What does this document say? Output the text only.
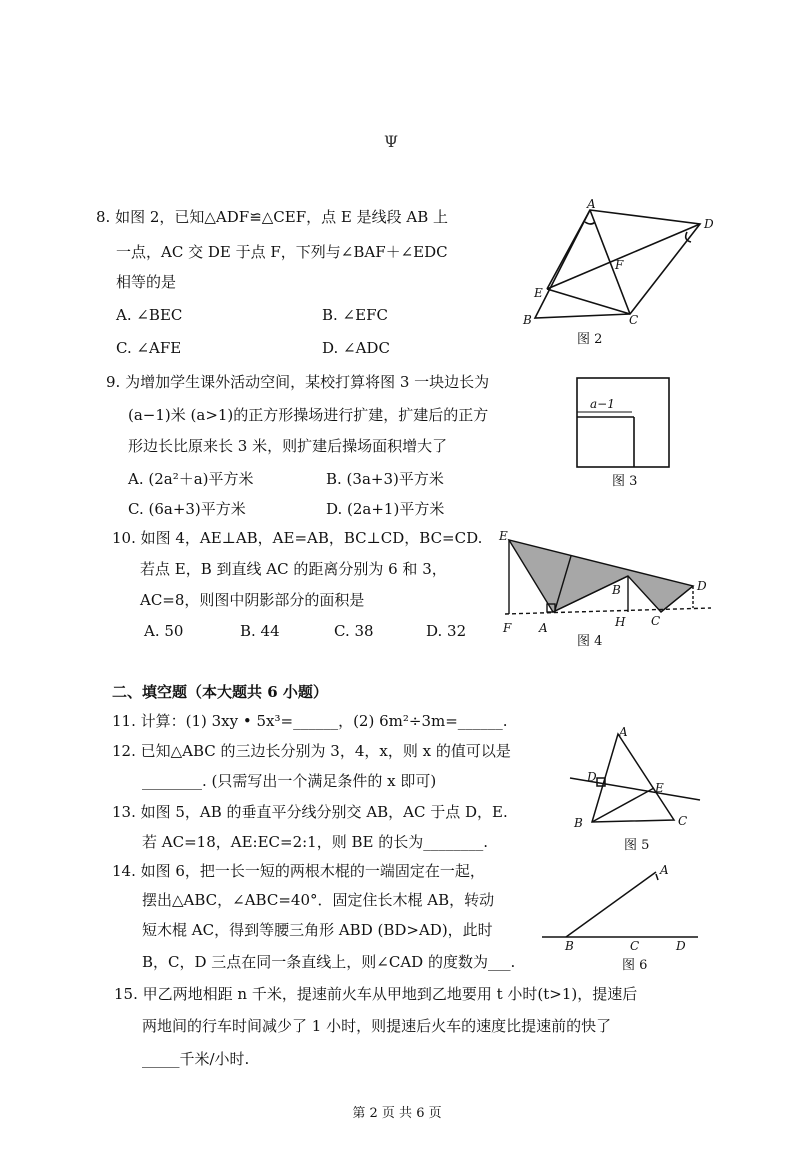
Ψ
8. 如图 2，已知△ADF≌△CEF，点 E 是线段 AB 上
一点，AC 交 DE 于点 F，下列与∠BAF＋∠EDC
相等的是
A. ∠BEC	B. ∠EFC
C. ∠AFE	D. ∠ADC
A
D
E
F
B	C
图 2
9. 为增加学生课外活动空间，某校打算将图 3 一块边长为
(a−1)米 (a>1)的正方形操场进行扩建，扩建后的正方
形边长比原来长 3 米，则扩建后操场面积增大了
A. (2a²＋a)平方米	B. (3a+3)平方米
C. (6a+3)平方米	D. (2a+1)平方米
a−1
图 3
10. 如图 4，AE⊥AB，AE=AB，BC⊥CD，BC=CD.
若点 E，B 到直线 AC 的距离分别为 6 和 3，
AC=8，则图中阴影部分的面积是
A. 50	B. 44	C. 38	D. 32
E
D
B
F A	H C
图 4
二、填空题（本大题共 6 小题）
11. 计算：(1) 3xy • 5x³=______，(2) 6m²÷3m=______.
12. 已知△ABC 的三边长分别为 3，4，x，则 x 的值可以是
________. (只需写出一个满足条件的 x 即可)
13. 如图 5，AB 的垂直平分线分别交 AB，AC 于点 D，E.
若 AC=18，AE:EC=2:1，则 BE 的长为________.
A
D
E
B	C
图 5
14. 如图 6，把一长一短的两根木棍的一端固定在一起，
摆出△ABC，∠ABC=40°．固定住长木棍 AB，转动
短木棍 AC，得到等腰三角形 ABD (BD>AD)，此时
B，C，D 三点在同一条直线上，则∠CAD 的度数为___.
A
B	C	D
图 6
15. 甲乙两地相距 n 千米，提速前火车从甲地到乙地要用 t 小时(t>1)，提速后
两地间的行车时间减少了 1 小时，则提速后火车的速度比提速前的快了
_____千米/小时.
第 2 页 共 6 页
